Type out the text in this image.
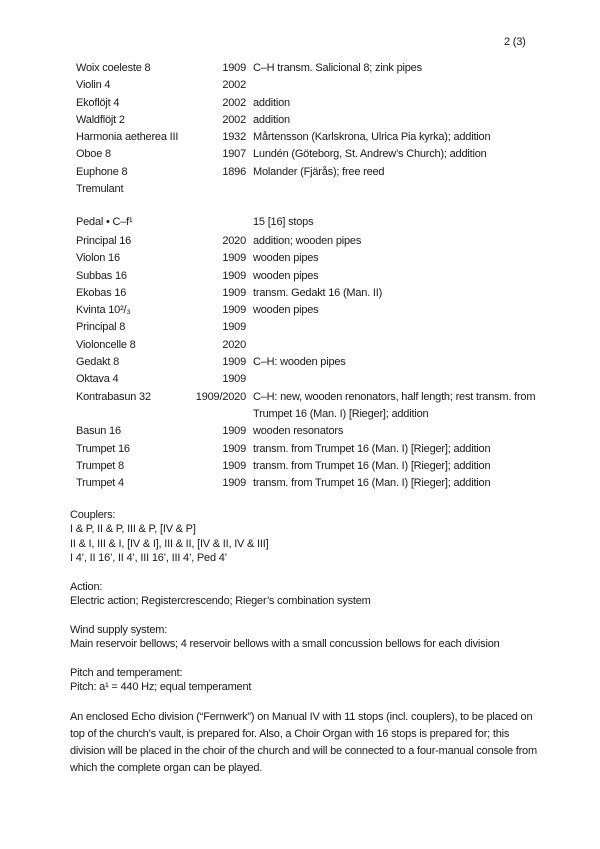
2 (3)
Woix coeleste 8	1909 C–H transm. Salicional 8; zink pipes
Violin 4	2002
Ekoflöjt 4	2002 addition
Waldflöjt 2	2002 addition
Harmonia aetherea III	1932 Mårtensson (Karlskrona, Ulrica Pia kyrka); addition
Oboe 8	1907 Lundén (Göteborg, St. Andrew’s Church); addition
Euphone 8	1896 Molander (Fjärås); free reed
Tremulant
Pedal • C–f¹	15 [16] stops
Principal 16	2020 addition; wooden pipes
Violon 16	1909 wooden pipes
Subbas 16	1909 wooden pipes
Ekobas 16	1909 transm. Gedakt 16 (Man. II)
Kvinta 10²/₃	1909 wooden pipes
Principal 8	1909
Violoncelle 8	2020
Gedakt 8	1909 C–H: wooden pipes
Oktava 4	1909
Kontrabasun 32	1909/2020 C–H: new, wooden renonators, half length; rest transm. from Trumpet 16 (Man. I) [Rieger]; addition
Basun 16	1909 wooden resonators
Trumpet 16	1909 transm. from Trumpet 16 (Man. I) [Rieger]; addition
Trumpet 8	1909 transm. from Trumpet 16 (Man. I) [Rieger]; addition
Trumpet 4	1909 transm. from Trumpet 16 (Man. I) [Rieger]; addition
Couplers:
I & P, II & P, III & P, [IV & P]
II & I, III & I, [IV & I], III & II, [IV & II, IV & III]
I 4’, II 16’, II 4’, III 16’, III 4’, Ped 4’
Action:
Electric action; Registercrescendo; Rieger’s combination system
Wind supply system:
Main reservoir bellows; 4 reservoir bellows with a small concussion bellows for each division
Pitch and temperament:
Pitch: a¹ = 440 Hz; equal temperament
An enclosed Echo division (“Fernwerk”) on Manual IV with 11 stops (incl. couplers), to be placed on top of the church’s vault, is prepared for. Also, a Choir Organ with 16 stops is prepared for; this division will be placed in the choir of the church and will be connected to a four-manual console from which the complete organ can be played.
